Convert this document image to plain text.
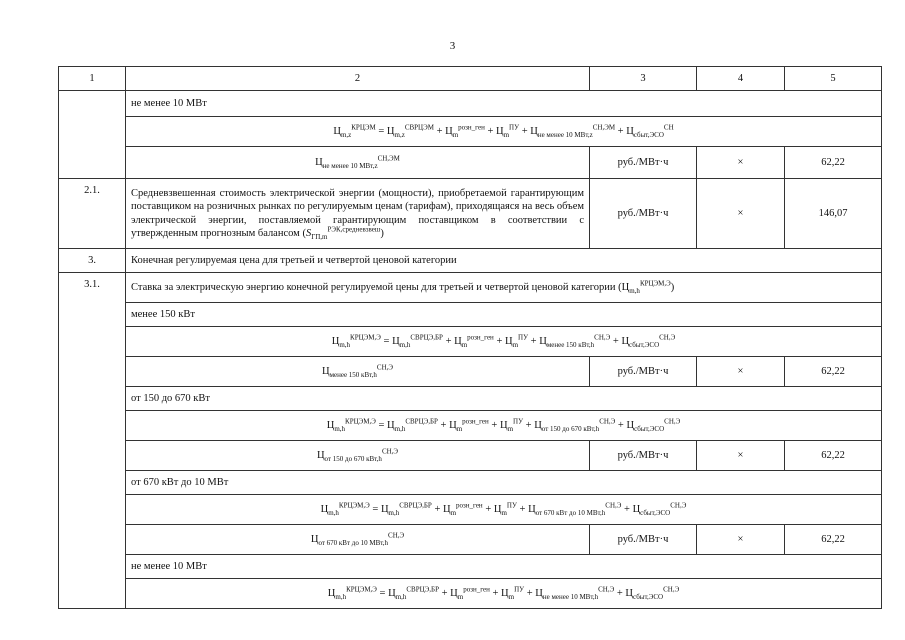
3
1	2	3	4	5
	не менее 10 МВт			
	$Ц_{m,z}^{КРЦЭМ} = Ц_{m,z}^{СВРЦЭМ} + Ц_m^{розн\_ген} + Ц_m^{ПУ} + Ц_{не менее 10 МВт,z}^{СН,ЭМ} + Ц_{сбыт,ЭСО}^{СН}$
	$Ц_{не менее 10 МВт,z}^{СН,ЭМ}$	руб./МВт·ч	×	62,22
2.1.	Средневзвешенная стоимость электрической энергии (мощности), приобретаемой гарантирующим поставщиком на розничных рынках по регулируемым ценам (тарифам), приходящаяся на весь объем электрической энергии, поставляемой гарантирующим поставщиком в соответствии с утвержденным прогнозным балансом $(S_{ГП,m}^{РЭК,средневзвеш})$	руб./МВт·ч	×	146,07
3.	Конечная регулируемая цена для третьей и четвертой ценовой категории			
3.1.	Ставка за электрическую энергию конечной регулируемой цены для третьей и четвертой ценовой категории $(Ц_{m,h}^{КРЦЭМ,Э})$			
	менее 150 кВт			
	$Ц_{m,h}^{КРЦЭМ,Э} = Ц_{m,h}^{СВРЦЭ,БР} + Ц_m^{розн\_ген} + Ц_m^{ПУ} + Ц_{менее 150 кВт,h}^{СН,Э} + Ц_{сбыт,ЭСО}^{СН,Э}$
	$Ц_{менее 150 кВт,h}^{СН,Э}$	руб./МВт·ч	×	62,22
	от 150 до 670 кВт			
	$Ц_{m,h}^{КРЦЭМ,Э} = Ц_{m,h}^{СВРЦЭ,БР} + Ц_m^{розн\_ген} + Ц_m^{ПУ} + Ц_{от 150 до 670 кВт,h}^{СН,Э} + Ц_{сбыт,ЭСО}^{СН,Э}$
	$Ц_{от 150 до 670 кВт,h}^{СН,Э}$	руб./МВт·ч	×	62,22
	от 670 кВт до 10 МВт			
	$Ц_{m,h}^{КРЦЭМ,Э} = Ц_{m,h}^{СВРЦЭ,БР} + Ц_m^{розн\_ген} + Ц_m^{ПУ} + Ц_{от 670 кВт до 10 МВт,h}^{СН,Э} + Ц_{сбыт,ЭСО}^{СН,Э}$
	$Ц_{от 670 кВт до 10 МВт,h}^{СН,Э}$	руб./МВт·ч	×	62,22
	не менее 10 МВт			
	$Ц_{m,h}^{КРЦЭМ,Э} = Ц_{m,h}^{СВРЦЭ,БР} + Ц_m^{розн\_ген} + Ц_m^{ПУ} + Ц_{не менее 10 МВт,h}^{СН,Э} + Ц_{сбыт,ЭСО}^{СН,Э}$
